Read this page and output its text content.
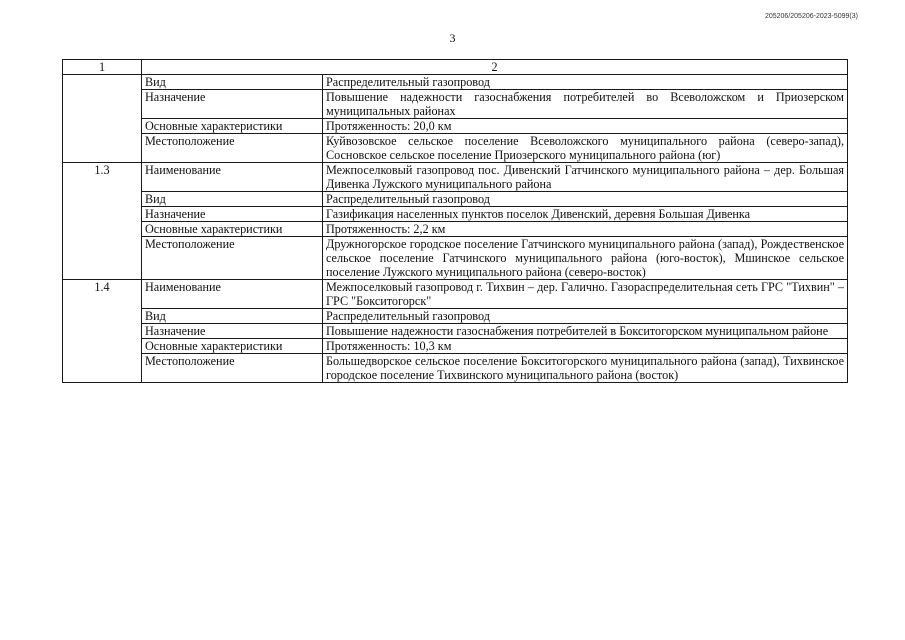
205206/205206-2023-5099(3)
3
1	2	
	Вид	Распределительный газопровод
	Назначение	Повышение надежности газоснабжения потребителей во Всеволожском и Приозерском муниципальных районах
	Основные характеристики	Протяженность: 20,0 км
	Местоположение	Куйвозовское сельское поселение Всеволожского муниципального района (северо-запад), Сосновское сельское поселение Приозерского муниципального района (юг)
1.3	Наименование	Межпоселковый газопровод пос. Дивенский Гатчинского муниципального района – дер. Большая Дивенка Лужского муниципального района
	Вид	Распределительный газопровод
	Назначение	Газификация населенных пунктов поселок Дивенский, деревня Большая Дивенка
	Основные характеристики	Протяженность: 2,2 км
	Местоположение	Дружногорское городское поселение Гатчинского муниципального района (запад), Рождественское сельское поселение Гатчинского муниципального района (юго-восток), Мшинское сельское поселение Лужского муниципального района (северо-восток)
1.4	Наименование	Межпоселковый газопровод г. Тихвин – дер. Галично. Газораспределительная сеть ГРС "Тихвин" – ГРС "Бокситогорск"
	Вид	Распределительный газопровод
	Назначение	Повышение надежности газоснабжения потребителей в Бокситогорском муниципальном районе
	Основные характеристики	Протяженность: 10,3 км
	Местоположение	Большедворское сельское поселение Бокситогорского муниципального района (запад), Тихвинское городское поселение Тихвинского муниципального района (восток)
